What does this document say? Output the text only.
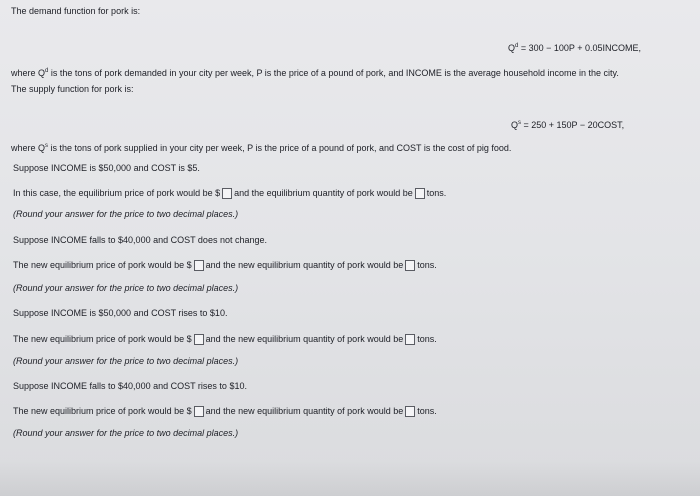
The demand function for pork is:
$Q^d = 300 - 100P$ + 0.05INCOME,
where $Q^d$ is the tons of pork demanded in your city per week, P is the price of a pound of pork, and INCOME is the average household income in the city.
The supply function for pork is:
$Q^s = 250 + 150P$ − 20COST,
where $Q^s$ is the tons of pork supplied in your city per week, P is the price of a pound of pork, and COST is the cost of pig food.
Suppose INCOME is $50,000 and COST is $5.
In this case, the equilibrium price of pork would be $ and the equilibrium quantity of pork would be tons.
(Round your answer for the price to two decimal places.)
Suppose INCOME falls to $40,000 and COST does not change.
The new equilibrium price of pork would be $ and the new equilibrium quantity of pork would be tons.
(Round your answer for the price to two decimal places.)
Suppose INCOME is $50,000 and COST rises to $10.
The new equilibrium price of pork would be $ and the new equilibrium quantity of pork would be tons.
(Round your answer for the price to two decimal places.)
Suppose INCOME falls to $40,000 and COST rises to $10.
The new equilibrium price of pork would be $ and the new equilibrium quantity of pork would be tons.
(Round your answer for the price to two decimal places.)
